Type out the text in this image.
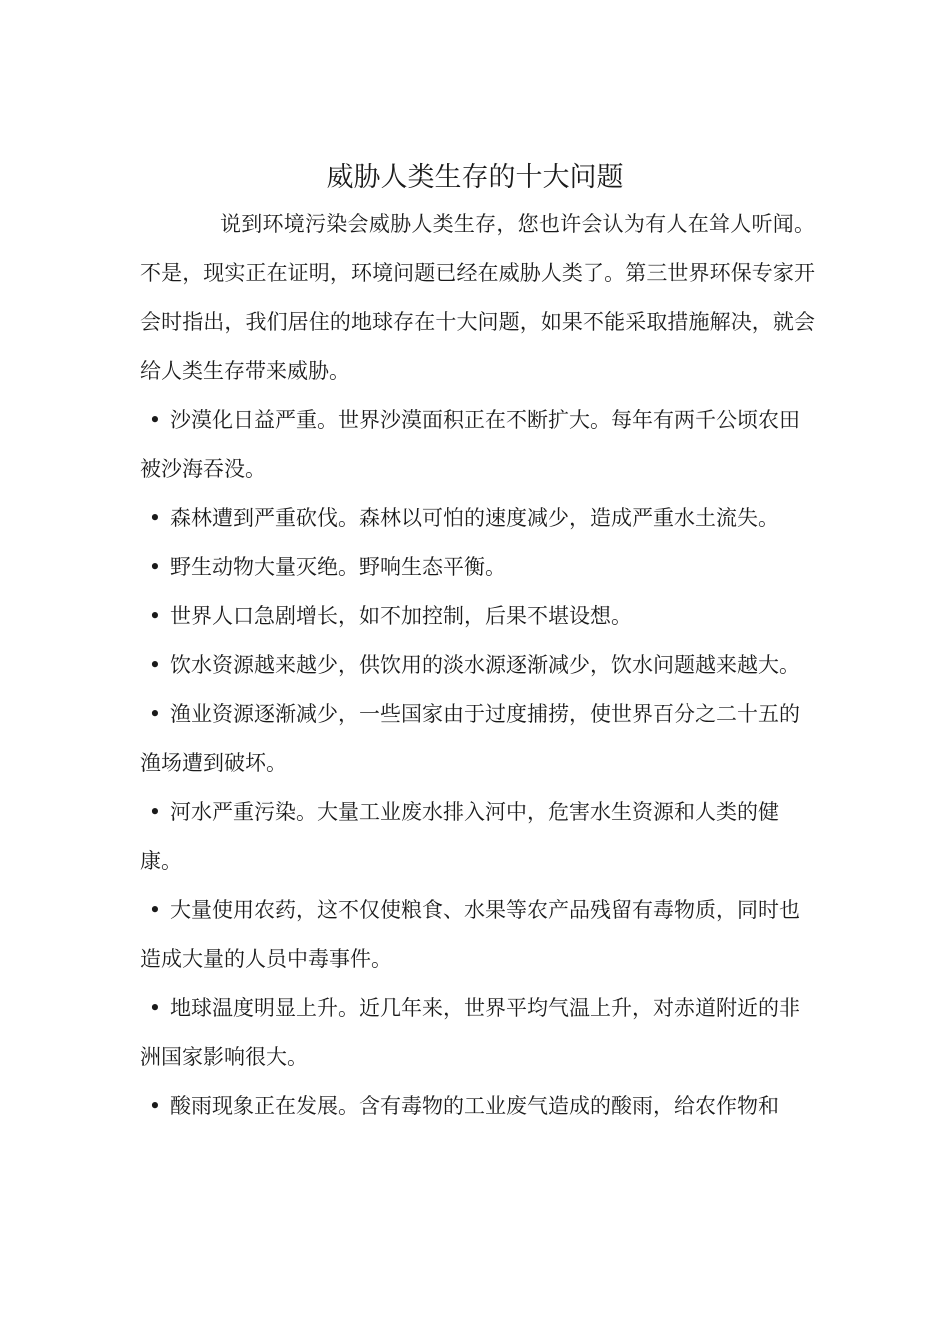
威胁人类生存的十大问题

说到环境污染会威胁人类生存，您也许会认为有人在耸人听闻。不是，现实正在证明，环境问题已经在威胁人类了。第三世界环保专家开会时指出，我们居住的地球存在十大问题，如果不能采取措施解决，就会给人类生存带来威胁。

• 沙漠化日益严重。世界沙漠面积正在不断扩大。每年有两千公顷农田被沙海吞没。

• 森林遭到严重砍伐。森林以可怕的速度减少，造成严重水土流失。

• 野生动物大量灭绝。野响生态平衡。

• 世界人口急剧增长，如不加控制，后果不堪设想。

• 饮水资源越来越少，供饮用的淡水源逐渐减少，饮水问题越来越大。

• 渔业资源逐渐减少，一些国家由于过度捕捞，使世界百分之二十五的渔场遭到破坏。

• 河水严重污染。大量工业废水排入河中，危害水生资源和人类的健康。

• 大量使用农药，这不仅使粮食、水果等农产品残留有毒物质，同时也造成大量的人员中毒事件。

• 地球温度明显上升。近几年来，世界平均气温上升，对赤道附近的非洲国家影响很大。

• 酸雨现象正在发展。含有毒物的工业废气造成的酸雨，给农作物和
